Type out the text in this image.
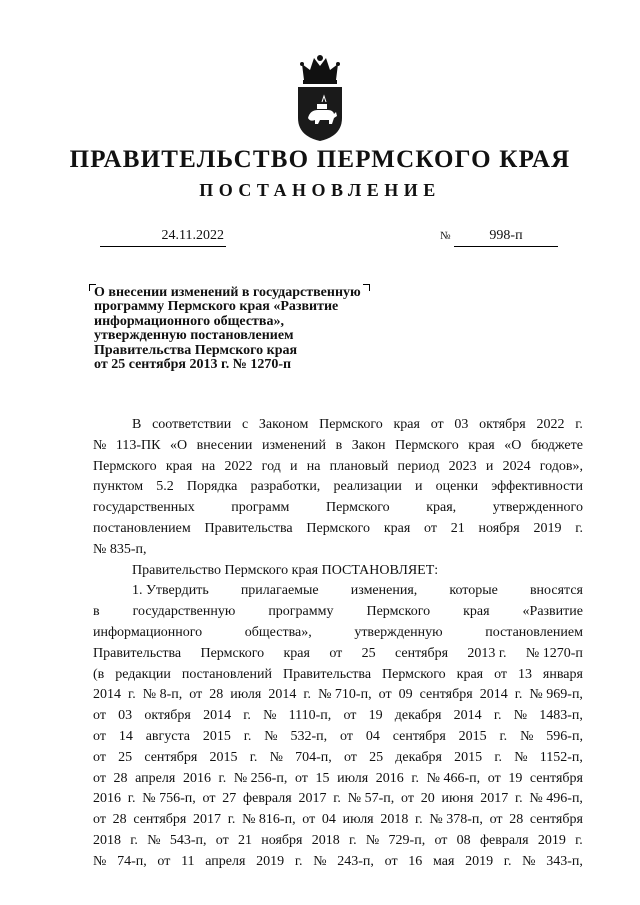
ПРАВИТЕЛЬСТВО ПЕРМСКОГО КРАЯ
ПОСТАНОВЛЕНИЕ
24.11.2022	№	998-п
О внесении изменений в государственную
программу Пермского края «Развитие
информационного общества»,
утвержденную постановлением
Правительства Пермского края
от 25 сентября 2013 г. № 1270-п
В соответствии с Законом Пермского края от 03 октября 2022 г.
№ 113-ПК «О внесении изменений в Закон Пермского края «О бюджете
Пермского края на 2022 год и на плановый период 2023 и 2024 годов»,
пунктом 5.2 Порядка разработки, реализации и оценки эффективности
государственных	программ	Пермского	края,	утвержденного
постановлением Правительства Пермского края от 21 ноября 2019 г.
№ 835-п,
Правительство Пермского края ПОСТАНОВЛЯЕТ:
1. Утвердить прилагаемые изменения, которые вносятся
в государственную программу Пермского края «Развитие
информационного	общества»,	утвержденную	постановлением
Правительства Пермского края от 25 сентября 2013 г. № 1270-п
(в редакции постановлений Правительства Пермского края от 13 января
2014 г. № 8-п, от 28 июля 2014 г. № 710-п, от 09 сентября 2014 г. № 969-п,
от 03 октября 2014 г. № 1110-п, от 19 декабря 2014 г. № 1483-п,
от 14 августа 2015 г. № 532-п, от 04 сентября 2015 г. № 596-п,
от 25 сентября 2015 г. № 704-п, от 25 декабря 2015 г. № 1152-п,
от 28 апреля 2016 г. № 256-п, от 15 июля 2016 г. № 466-п, от 19 сентября
2016 г. № 756-п, от 27 февраля 2017 г. № 57-п, от 20 июня 2017 г. № 496-п,
от 28 сентября 2017 г. № 816-п, от 04 июля 2018 г. № 378-п, от 28 сентября
2018 г. № 543-п, от 21 ноября 2018 г. № 729-п, от 08 февраля 2019 г.
№ 74-п, от 11 апреля 2019 г. № 243-п, от 16 мая 2019 г. № 343-п,
